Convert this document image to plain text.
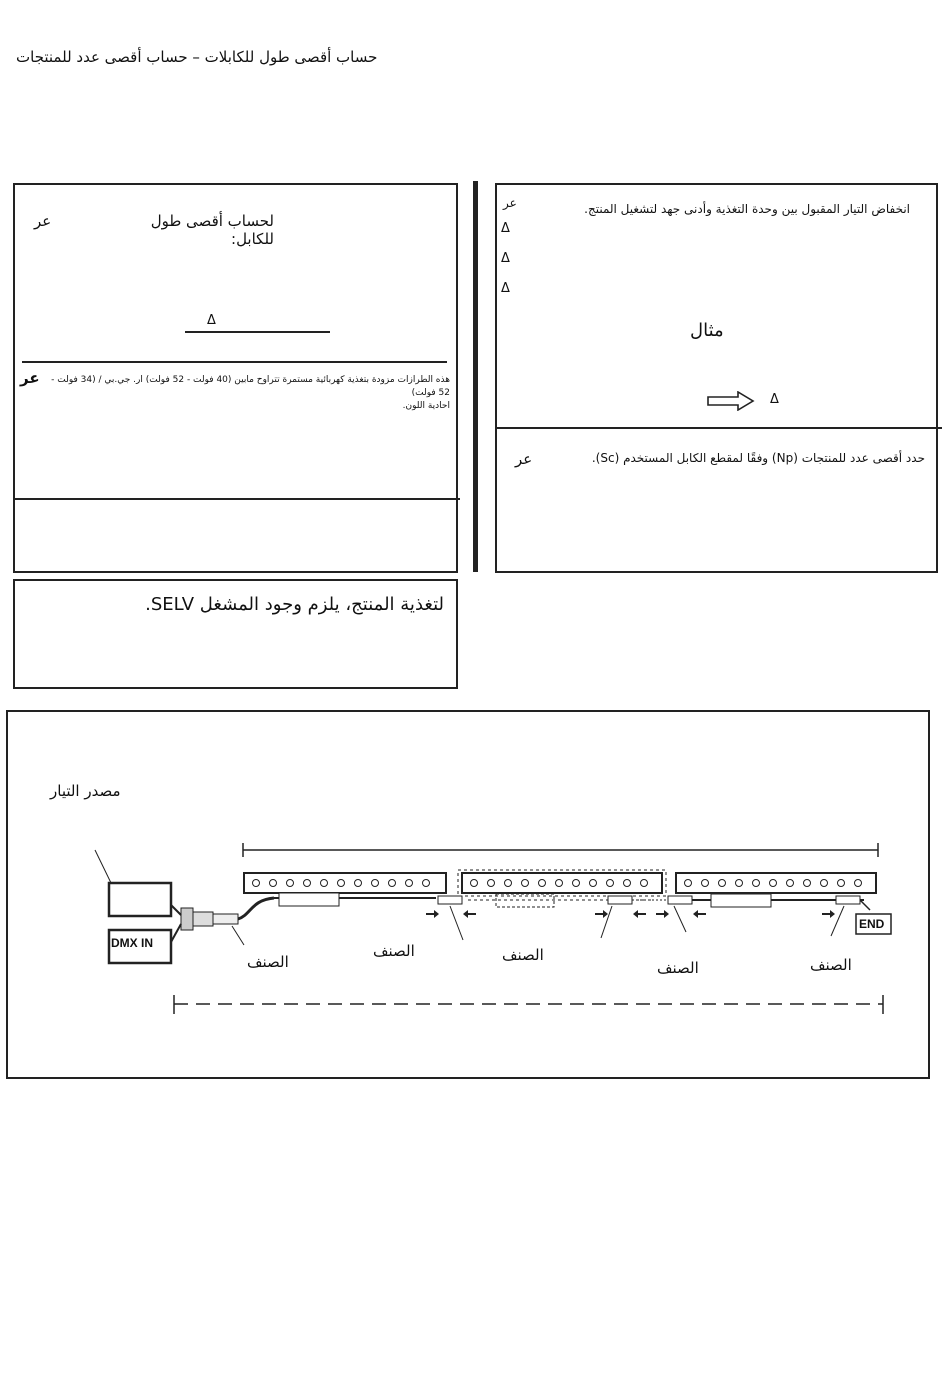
حساب أقصى طول للكابلات – حساب أقصى عدد للمنتجات
لحساب أقصى طول للكابل:
عر
Δ
عر	هذه الطرازات مزودة بتغذية كهربائية مستمرة تتراوح مابين (40 فولت - 52 فولت) ار. جي.بي / (34 فولت - 52 فولت)
احادية اللون.
عر	انخفاض التيار المقبول بين وحدة التغذية وأدنى جهد لتشغيل المنتج.
Δ
Δ
Δ
مثال
Δ
حدد أقصى عدد للمنتجات (Np) وفقًا لمقطع الكابل المستخدم (Sc).
عر
لتغذية المنتج، يلزم وجود المشغل SELV.
مصدر التيار
DMX IN
END
الصنف
الصنف	الصنف
الصنف	الصنف
